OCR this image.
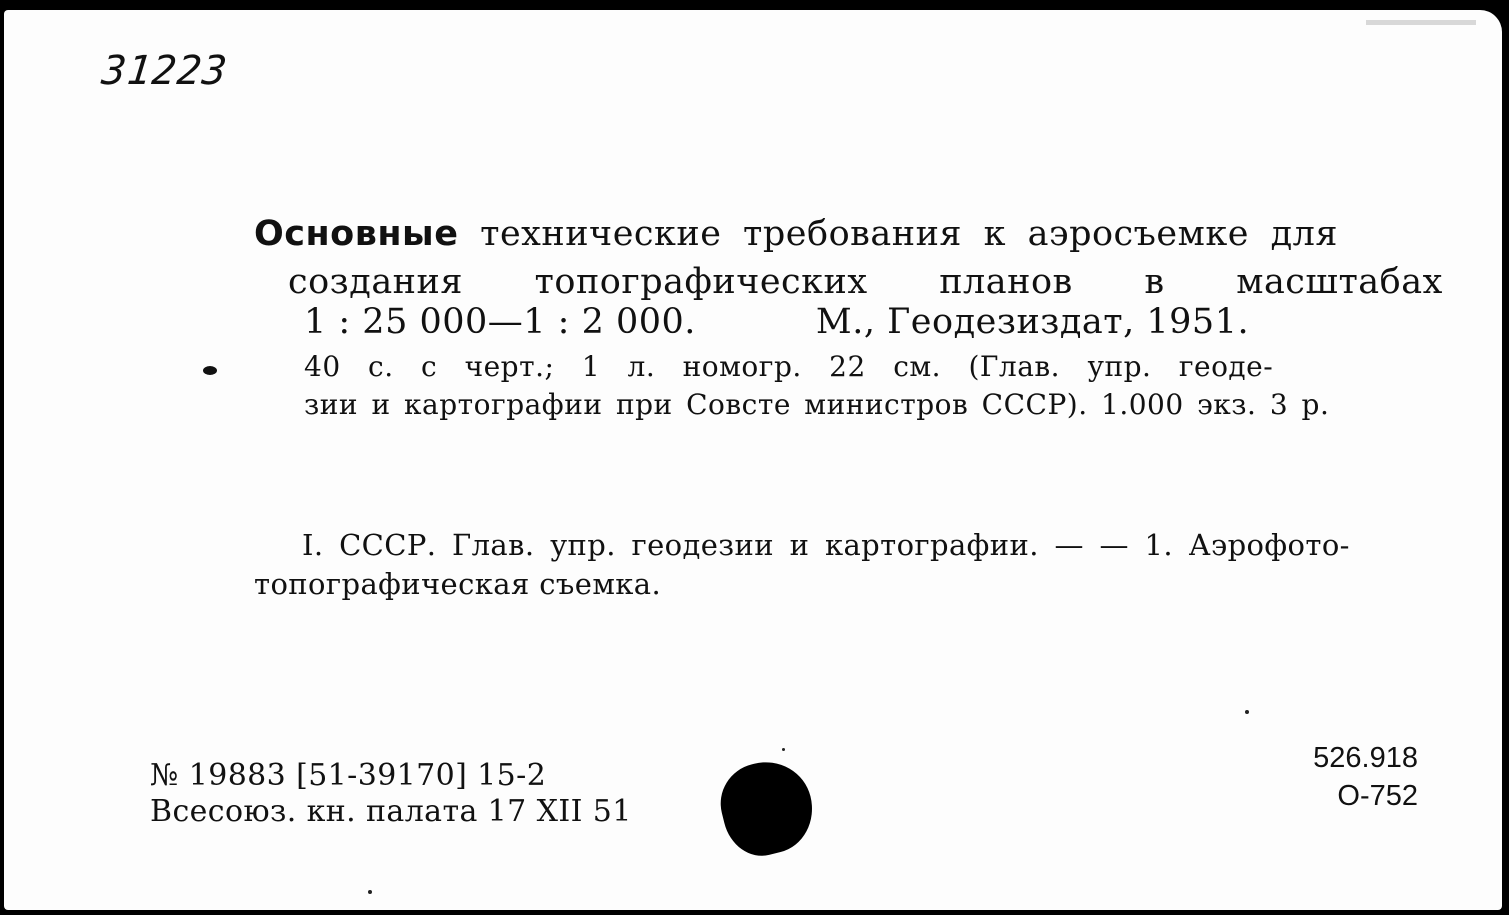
31223
Основные технические требования к аэросъемке для
создания топографических планов в масштабах
1 : 25 000—1 : 2 000.	М., Геодезиздат, 1951.
40 с. с черт.; 1 л. номогр. 22 см. (Глав. упр. геоде-
зии и картографии при Совсте министров СССР). 1.000 экз. 3 р.
I. СССР. Глав. упр. геодезии и картографии. — — 1. Аэрофото-
топографическая съемка.
№ 19883 [51-39170] 15-2
Всесоюз. кн. палата 17 XII 51
526.918
О-752
